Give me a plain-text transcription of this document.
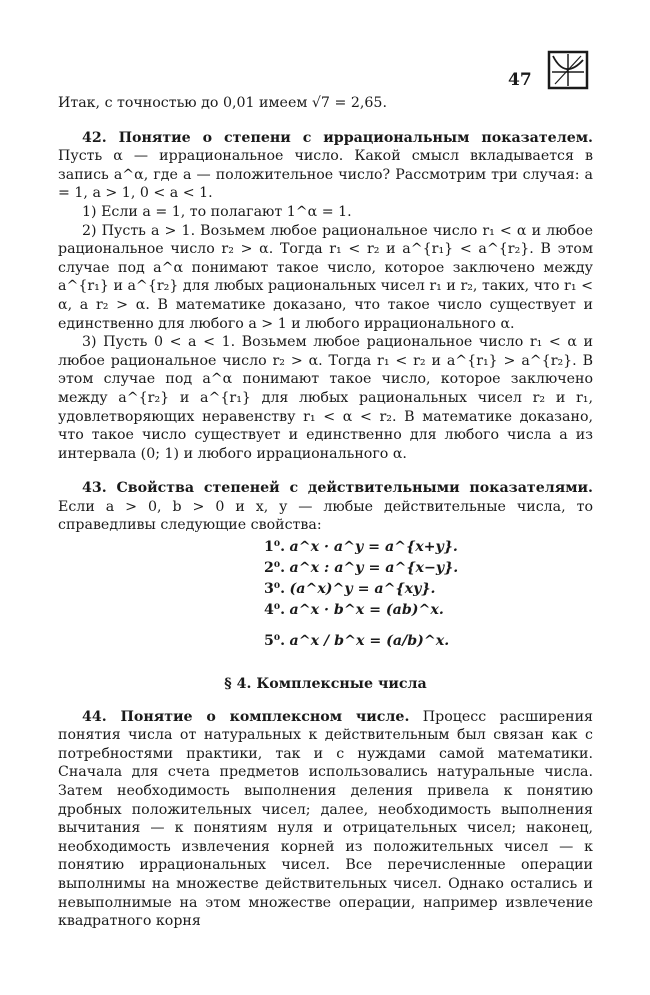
47

Итак, с точностью до 0,01 имеем √7 = 2,65.

42. Понятие о степени с иррациональным показателем. Пусть α — иррациональное число. Какой смысл вкладывается в запись a^α, где a — положительное число? Рассмотрим три случая: a = 1, a > 1, 0 < a < 1.

1) Если a = 1, то полагают 1^α = 1.

2) Пусть a > 1. Возьмем любое рациональное число r₁ < α и любое рациональное число r₂ > α. Тогда r₁ < r₂ и a^{r₁} < a^{r₂}. В этом случае под a^α понимают такое число, которое заключено между a^{r₁} и a^{r₂} для любых рациональных чисел r₁ и r₂, таких, что r₁ < α, а r₂ > α. В математике доказано, что такое число существует и единственно для любого a > 1 и любого иррационального α.

3) Пусть 0 < a < 1. Возьмем любое рациональное число r₁ < α и любое рациональное число r₂ > α. Тогда r₁ < r₂ и a^{r₁} > a^{r₂}. В этом случае под a^α понимают такое число, которое заключено между a^{r₂} и a^{r₁} для любых рациональных чисел r₂ и r₁, удовлетворяющих неравенству r₁ < α < r₂. В математике доказано, что такое число существует и единственно для любого числа a из интервала (0; 1) и любого иррационального α.

43. Свойства степеней с действительными показателями. Если a > 0, b > 0 и x, y — любые действительные числа, то справедливы следующие свойства:

1⁰. a^x · a^y = a^{x+y}.
2⁰. a^x : a^y = a^{x−y}.
3⁰. (a^x)^y = a^{xy}.
4⁰. a^x · b^x = (ab)^x.
5⁰. a^x / b^x = (a/b)^x.

§ 4. Комплексные числа

44. Понятие о комплексном числе. Процесс расширения понятия числа от натуральных к действительным был связан как с потребностями практики, так и с нуждами самой математики. Сначала для счета предметов использовались натуральные числа. Затем необходимость выполнения деления привела к понятию дробных положительных чисел; далее, необходимость выполнения вычитания — к понятиям нуля и отрицательных чисел; наконец, необходимость извлечения корней из положительных чисел — к понятию иррациональных чисел. Все перечисленные операции выполнимы на множестве действительных чисел. Однако остались и невыполнимые на этом множестве операции, например извлечение квадратного корня
